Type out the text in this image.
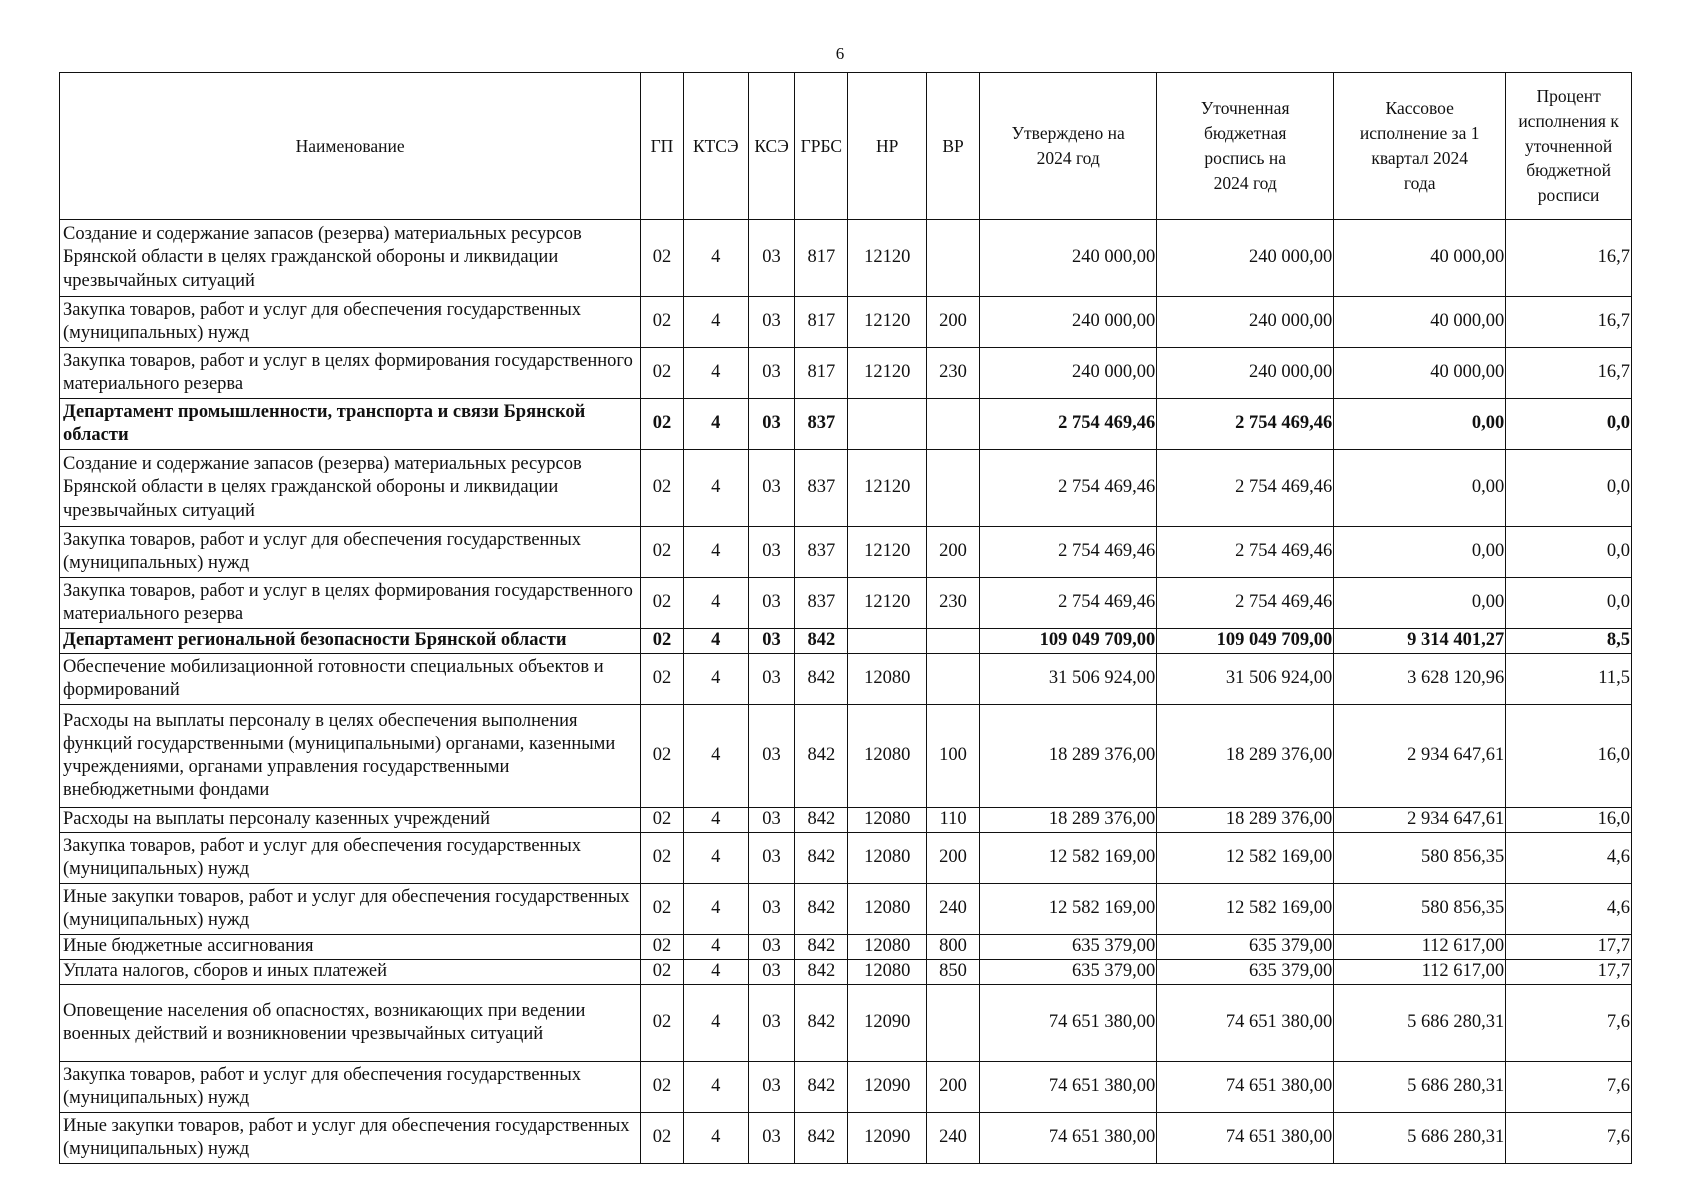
6
Наименование	ГП	КТСЭ	КСЭ	ГРБС	НР	ВР	Утверждено на 2024 год	Уточненная бюджетная роспись на 2024 год	Кассовое исполнение за 1 квартал 2024 года	Процент исполнения к уточненной бюджетной росписи
Создание и содержание запасов (резерва) материальных ресурсов Брянской области в целях гражданской обороны и ликвидации чрезвычайных ситуаций	02	4	03	817	12120		240 000,00	240 000,00	40 000,00	16,7
Закупка товаров, работ и услуг для обеспечения государственных (муниципальных) нужд	02	4	03	817	12120	200	240 000,00	240 000,00	40 000,00	16,7
Закупка товаров, работ и услуг в целях формирования государственного материального резерва	02	4	03	817	12120	230	240 000,00	240 000,00	40 000,00	16,7
Департамент промышленности, транспорта и связи Брянской области	02	4	03	837			2 754 469,46	2 754 469,46	0,00	0,0
Создание и содержание запасов (резерва) материальных ресурсов Брянской области в целях гражданской обороны и ликвидации чрезвычайных ситуаций	02	4	03	837	12120		2 754 469,46	2 754 469,46	0,00	0,0
Закупка товаров, работ и услуг для обеспечения государственных (муниципальных) нужд	02	4	03	837	12120	200	2 754 469,46	2 754 469,46	0,00	0,0
Закупка товаров, работ и услуг в целях формирования государственного материального резерва	02	4	03	837	12120	230	2 754 469,46	2 754 469,46	0,00	0,0
Департамент региональной безопасности Брянской области	02	4	03	842			109 049 709,00	109 049 709,00	9 314 401,27	8,5
Обеспечение мобилизационной готовности специальных объектов и формирований	02	4	03	842	12080		31 506 924,00	31 506 924,00	3 628 120,96	11,5
Расходы на выплаты персоналу в целях обеспечения выполнения функций государственными (муниципальными) органами, казенными учреждениями, органами управления государственными внебюджетными фондами	02	4	03	842	12080	100	18 289 376,00	18 289 376,00	2 934 647,61	16,0
Расходы на выплаты персоналу казенных учреждений	02	4	03	842	12080	110	18 289 376,00	18 289 376,00	2 934 647,61	16,0
Закупка товаров, работ и услуг для обеспечения государственных (муниципальных) нужд	02	4	03	842	12080	200	12 582 169,00	12 582 169,00	580 856,35	4,6
Иные закупки товаров, работ и услуг для обеспечения государственных (муниципальных) нужд	02	4	03	842	12080	240	12 582 169,00	12 582 169,00	580 856,35	4,6
Иные бюджетные ассигнования	02	4	03	842	12080	800	635 379,00	635 379,00	112 617,00	17,7
Уплата налогов, сборов и иных платежей	02	4	03	842	12080	850	635 379,00	635 379,00	112 617,00	17,7
Оповещение населения об опасностях, возникающих при ведении военных действий и возникновении чрезвычайных ситуаций	02	4	03	842	12090		74 651 380,00	74 651 380,00	5 686 280,31	7,6
Закупка товаров, работ и услуг для обеспечения государственных (муниципальных) нужд	02	4	03	842	12090	200	74 651 380,00	74 651 380,00	5 686 280,31	7,6
Иные закупки товаров, работ и услуг для обеспечения государственных (муниципальных) нужд	02	4	03	842	12090	240	74 651 380,00	74 651 380,00	5 686 280,31	7,6
